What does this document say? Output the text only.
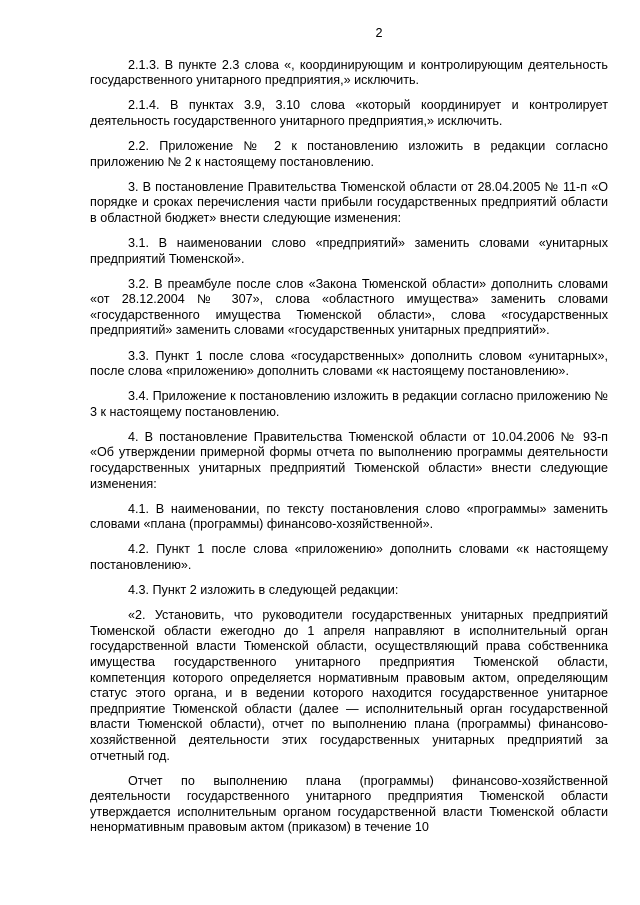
2

2.1.3. В пункте 2.3 слова «, координирующим и контролирующим деятельность государственного унитарного предприятия,» исключить.

2.1.4. В пунктах 3.9, 3.10 слова «который координирует и контролирует деятельность государственного унитарного предприятия,» исключить.

2.2. Приложение № 2 к постановлению изложить в редакции согласно приложению № 2 к настоящему постановлению.

3. В постановление Правительства Тюменской области от 28.04.2005 № 11-п «О порядке и сроках перечисления части прибыли государственных предприятий области в областной бюджет» внести следующие изменения:

3.1. В наименовании слово «предприятий» заменить словами «унитарных предприятий Тюменской».

3.2. В преамбуле после слов «Закона Тюменской области» дополнить словами «от 28.12.2004 № 307», слова «областного имущества» заменить словами «государственного имущества Тюменской области», слова «государственных предприятий» заменить словами «государственных унитарных предприятий».

3.3. Пункт 1 после слова «государственных» дополнить словом «унитарных», после слова «приложению» дополнить словами «к настоящему постановлению».

3.4. Приложение к постановлению изложить в редакции согласно приложению № 3 к настоящему постановлению.

4. В постановление Правительства Тюменской области от 10.04.2006 № 93-п «Об утверждении примерной формы отчета по выполнению программы деятельности государственных унитарных предприятий Тюменской области» внести следующие изменения:

4.1. В наименовании, по тексту постановления слово «программы» заменить словами «плана (программы) финансово-хозяйственной».

4.2. Пункт 1 после слова «приложению» дополнить словами «к настоящему постановлению».

4.3. Пункт 2 изложить в следующей редакции:

«2. Установить, что руководители государственных унитарных предприятий Тюменской области ежегодно до 1 апреля направляют в исполнительный орган государственной власти Тюменской области, осуществляющий права собственника имущества государственного унитарного предприятия Тюменской области, компетенция которого определяется нормативным правовым актом, определяющим статус этого органа, и в ведении которого находится государственное унитарное предприятие Тюменской области (далее — исполнительный орган государственной власти Тюменской области), отчет по выполнению плана (программы) финансово-хозяйственной деятельности этих государственных унитарных предприятий за отчетный год.

Отчет по выполнению плана (программы) финансово-хозяйственной деятельности государственного унитарного предприятия Тюменской области утверждается исполнительным органом государственной власти Тюменской области ненормативным правовым актом (приказом) в течение 10
